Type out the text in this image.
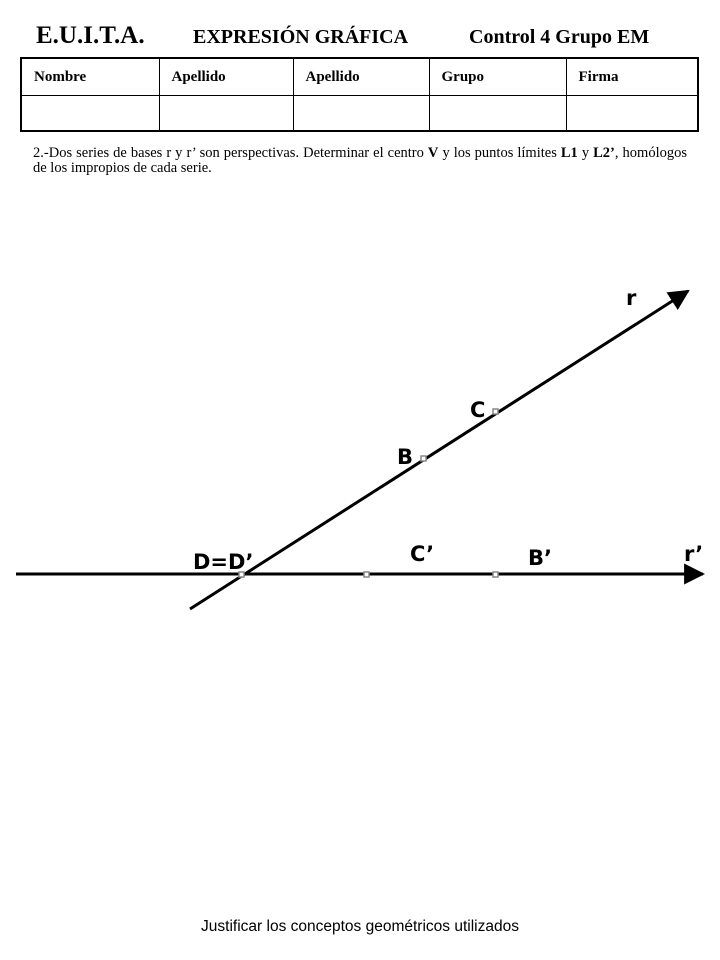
E.U.I.T.A. EXPRESIÓN GRÁFICA	Control 4 Grupo EM
Nombre	Apellido	Apellido	Grupo	Firma

2.-Dos series de bases r y r’ son perspectivas. Determinar el centro V y los puntos límites L1 y L2’, homólogos de los impropios de cada serie.
r
r’
C
B
D=D’	C’	B’
Justificar los conceptos geométricos utilizados
